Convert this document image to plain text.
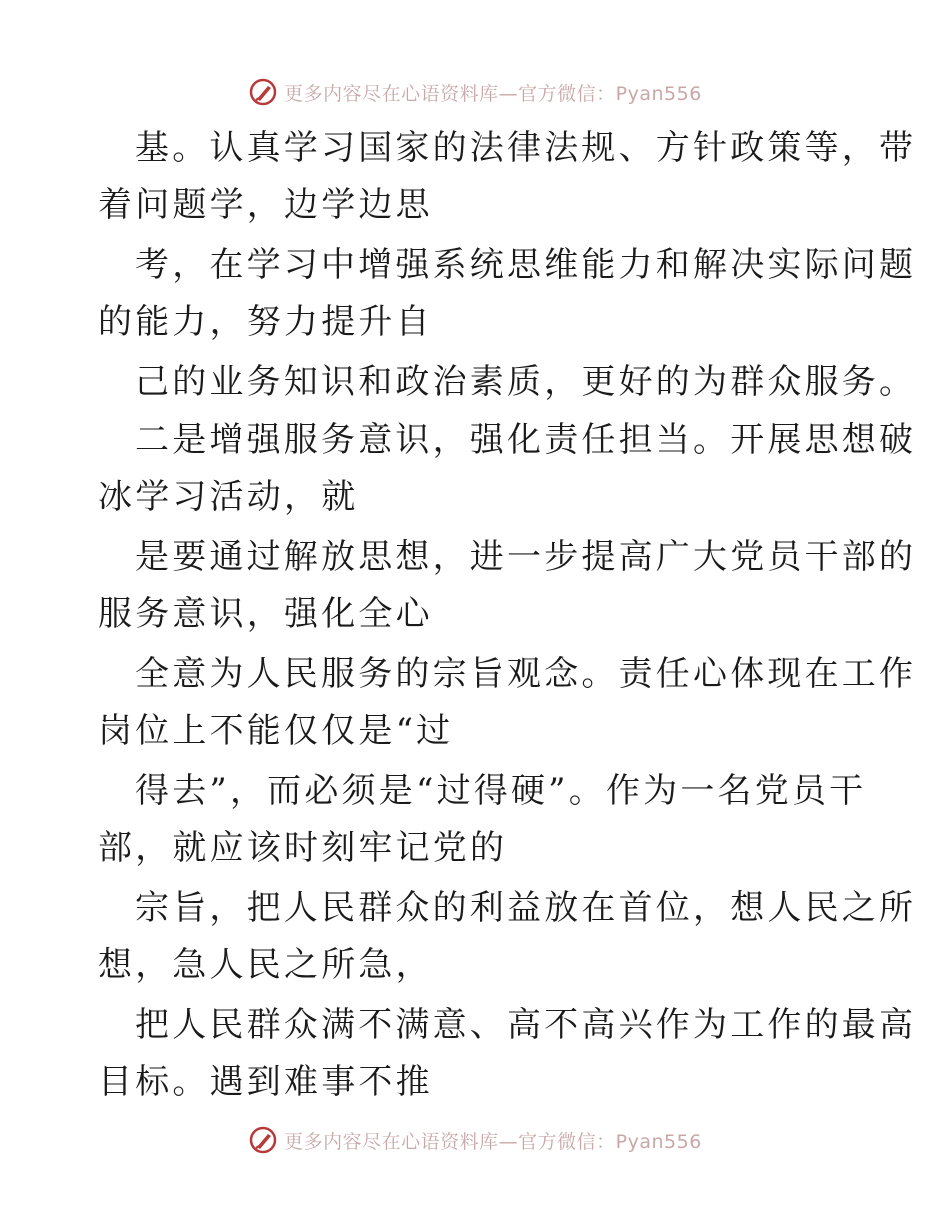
更多内容尽在心语资料库—官方微信：Pyan556
基。认真学习国家的法律法规、方针政策等，带
着问题学，边学边思
考，在学习中增强系统思维能力和解决实际问题
的能力，努力提升自
己的业务知识和政治素质，更好的为群众服务。
二是增强服务意识，强化责任担当。开展思想破
冰学习活动，就
是要通过解放思想，进一步提高广大党员干部的
服务意识，强化全心
全意为人民服务的宗旨观念。责任心体现在工作
岗位上不能仅仅是“过
得去”，而必须是“过得硬”。作为一名党员干
部，就应该时刻牢记党的
宗旨，把人民群众的利益放在首位，想人民之所
想，急人民之所急，
把人民群众满不满意、高不高兴作为工作的最高
目标。遇到难事不推
更多内容尽在心语资料库—官方微信：Pyan556
